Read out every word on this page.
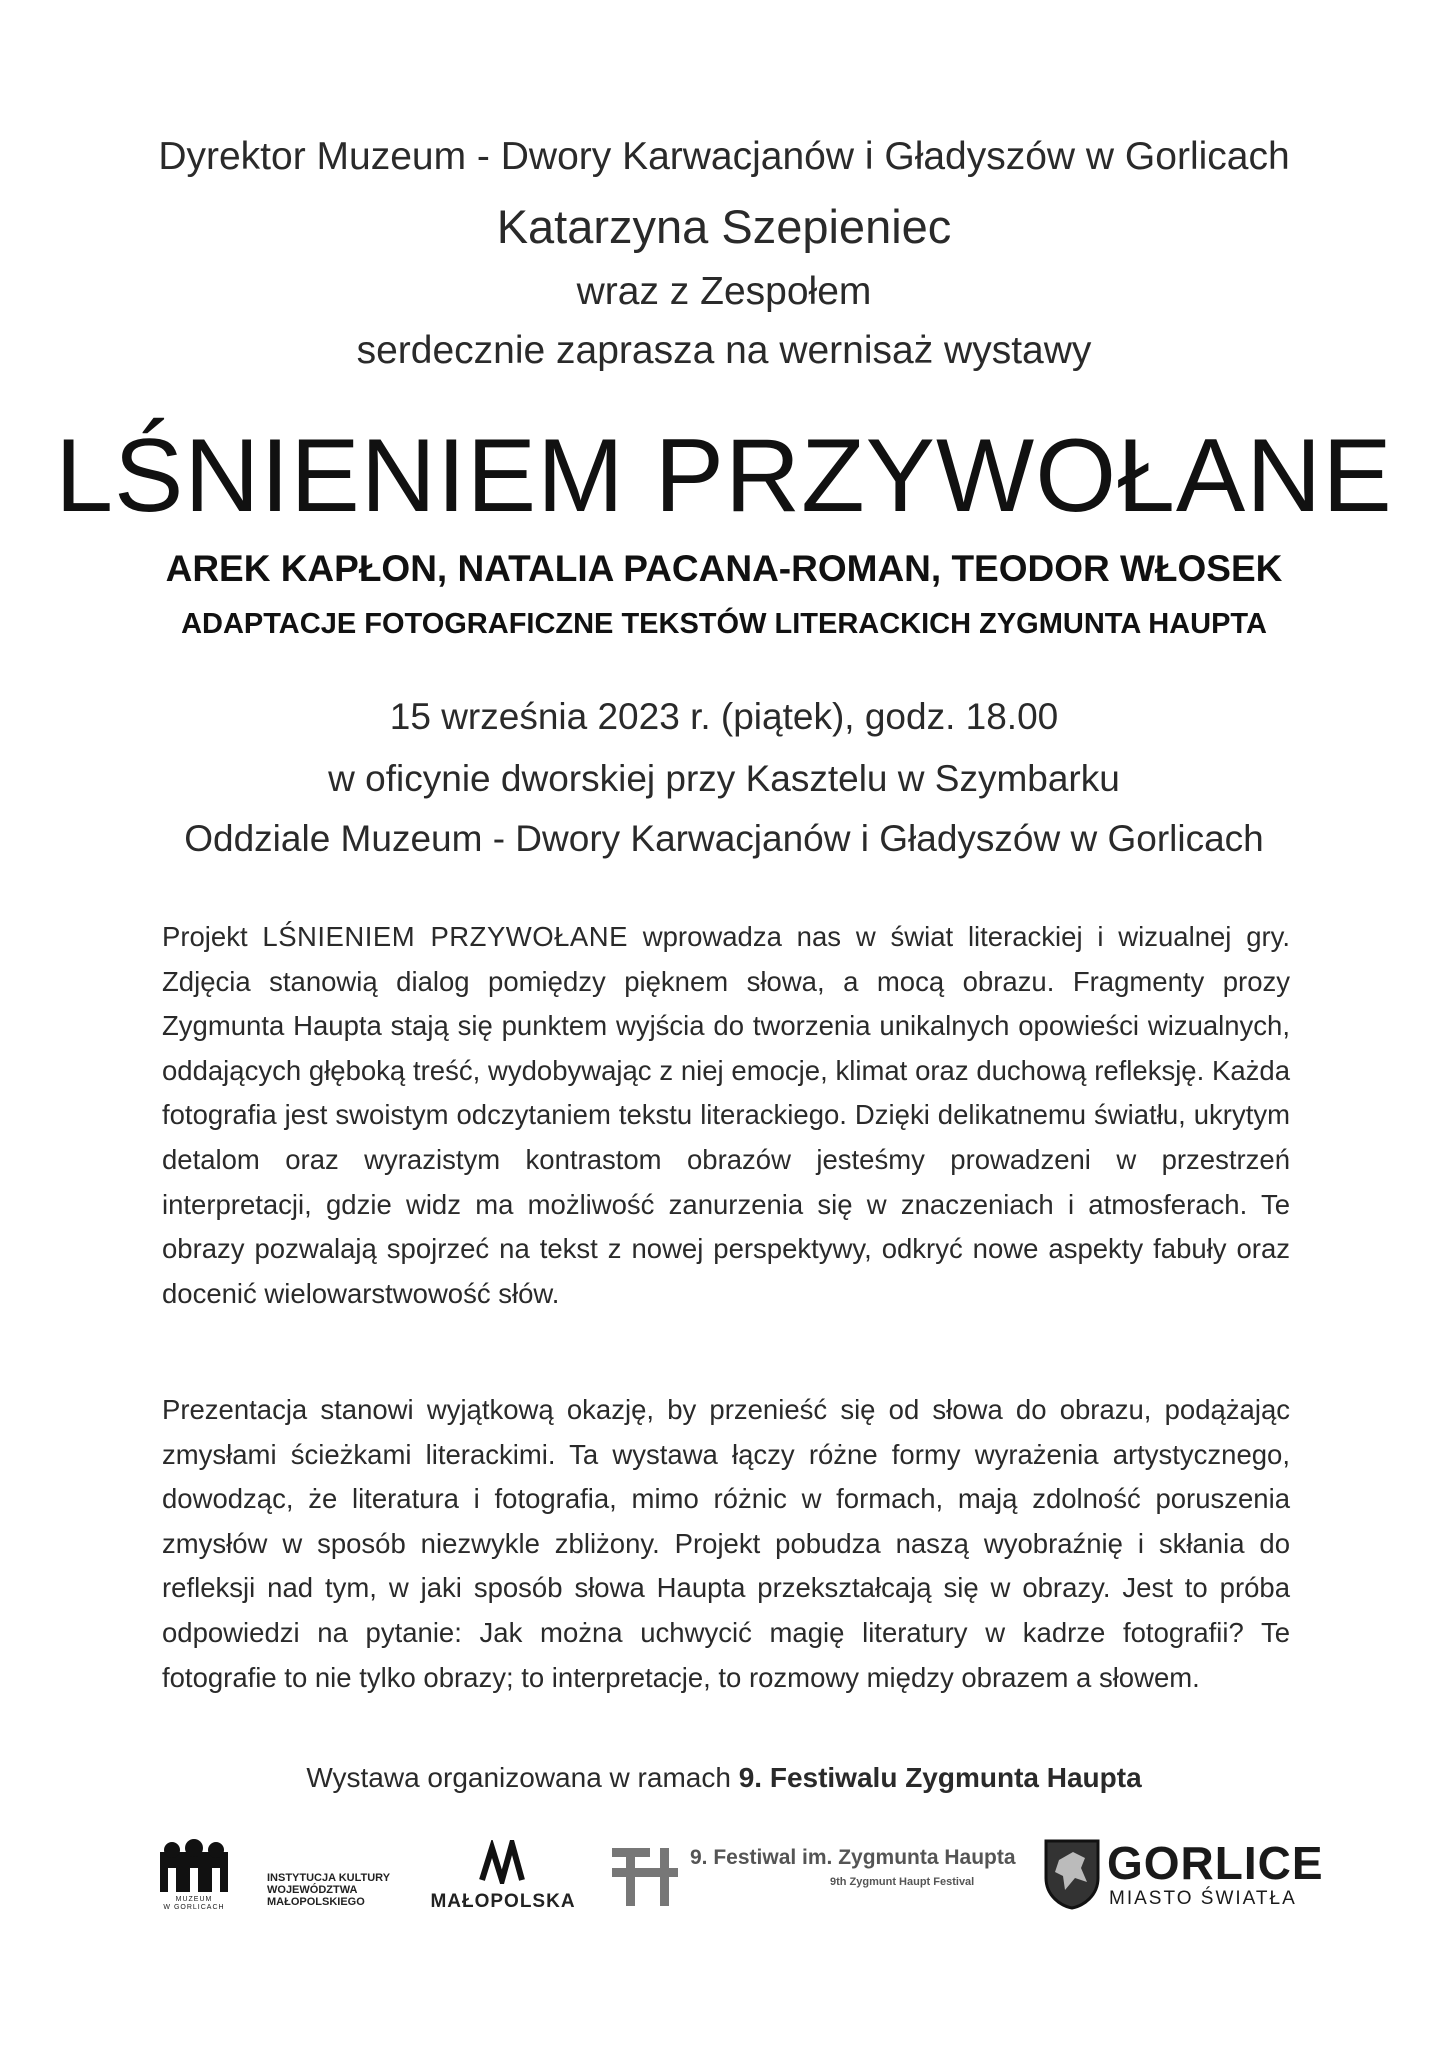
Dyrektor Muzeum - Dwory Karwacjanów i Gładyszów w Gorlicach
Katarzyna Szepieniec
wraz z Zespołem
serdecznie zaprasza na wernisaż wystawy
LŚNIENIEM PRZYWOŁANE
AREK KAPŁON, NATALIA PACANA-ROMAN, TEODOR WŁOSEK
ADAPTACJE FOTOGRAFICZNE TEKSTÓW LITERACKICH ZYGMUNTA HAUPTA
15 września 2023 r. (piątek), godz. 18.00
w oficynie dworskiej przy Kasztelu w Szymbarku
Oddziale Muzeum - Dwory Karwacjanów i Gładyszów w Gorlicach
Projekt LŚNIENIEM PRZYWOŁANE wprowadza nas w świat literackiej i wizualnej gry. Zdjęcia stanowią dialog pomiędzy pięknem słowa, a mocą obrazu. Fragmenty prozy Zygmunta Haupta stają się punktem wyjścia do tworzenia unikalnych opowieści wizualnych, oddających głęboką treść, wydobywając z niej emocje, klimat oraz duchową refleksję. Każda fotografia jest swoistym odczytaniem tekstu literackiego. Dzięki delikatnemu światłu, ukrytym detalom oraz wyrazistym kontrastom obrazów jesteśmy prowadzeni w przestrzeń interpretacji, gdzie widz ma możliwość zanurzenia się w znaczeniach i atmosferach. Te obrazy pozwalają spojrzeć na tekst z nowej perspektywy, odkryć nowe aspekty fabuły oraz docenić wielowarstwowość słów.
Prezentacja stanowi wyjątkową okazję, by przenieść się od słowa do obrazu, podążając zmysłami ścieżkami literackimi. Ta wystawa łączy różne formy wyrażenia artystycznego, dowodząc, że literatura i fotografia, mimo różnic w formach, mają zdolność poruszenia zmysłów w sposób niezwykle zbliżony. Projekt pobudza naszą wyobraźnię i skłania do refleksji nad tym, w jaki sposób słowa Haupta przekształcają się w obrazy. Jest to próba odpowiedzi na pytanie: Jak można uchwycić magię literatury w kadrze fotografii? Te fotografie to nie tylko obrazy; to interpretacje, to rozmowy między obrazem a słowem.
Wystawa organizowana w ramach 9. Festiwalu Zygmunta Haupta
MUZEUM
W GORLICACH
INSTYTUCJA KULTURY
WOJEWÓDZTWA
MAŁOPOLSKIEGO	MAŁOPOLSKA
9. Festiwal im. Zygmunta Haupta
9th Zygmunt Haupt Festival	GORLICE
MIASTO ŚWIATŁA
